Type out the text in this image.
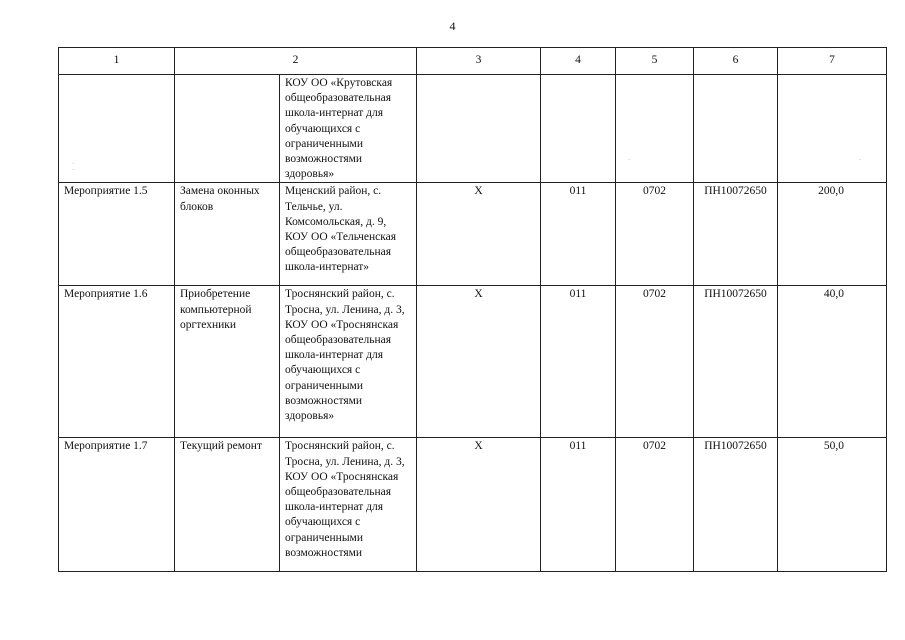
4
1	2		3	4	5	6	7
		КОУ ОО «Крутовская общеобразовательная школа-интернат для обучающихся с ограниченными возможностями здоровья»					
Мероприятие 1.5	Замена оконных блоков	Мценский район, с. Тельчье, ул. Комсомольская, д. 9, КОУ ОО «Тельченская общеобразовательная школа-интернат»	Х	011	0702	ПН10072650	200,0
Мероприятие 1.6	Приобретение компьютерной оргтехники	Троснянский район, с. Тросна, ул. Ленина, д. 3, КОУ ОО «Троснянская общеобразовательная школа-интернат для обучающихся с ограниченными возможностями здоровья»	Х	011	0702	ПН10072650	40,0

Мероприятие 1.7	Текущий ремонт	Троснянский район, с. Тросна, ул. Ленина, д. 3, КОУ ОО «Троснянская общеобразовательная школа-интернат для обучающихся с ограниченными возможностями	Х	011	0702	ПН10072650	50,0
·
·
·	·
·
